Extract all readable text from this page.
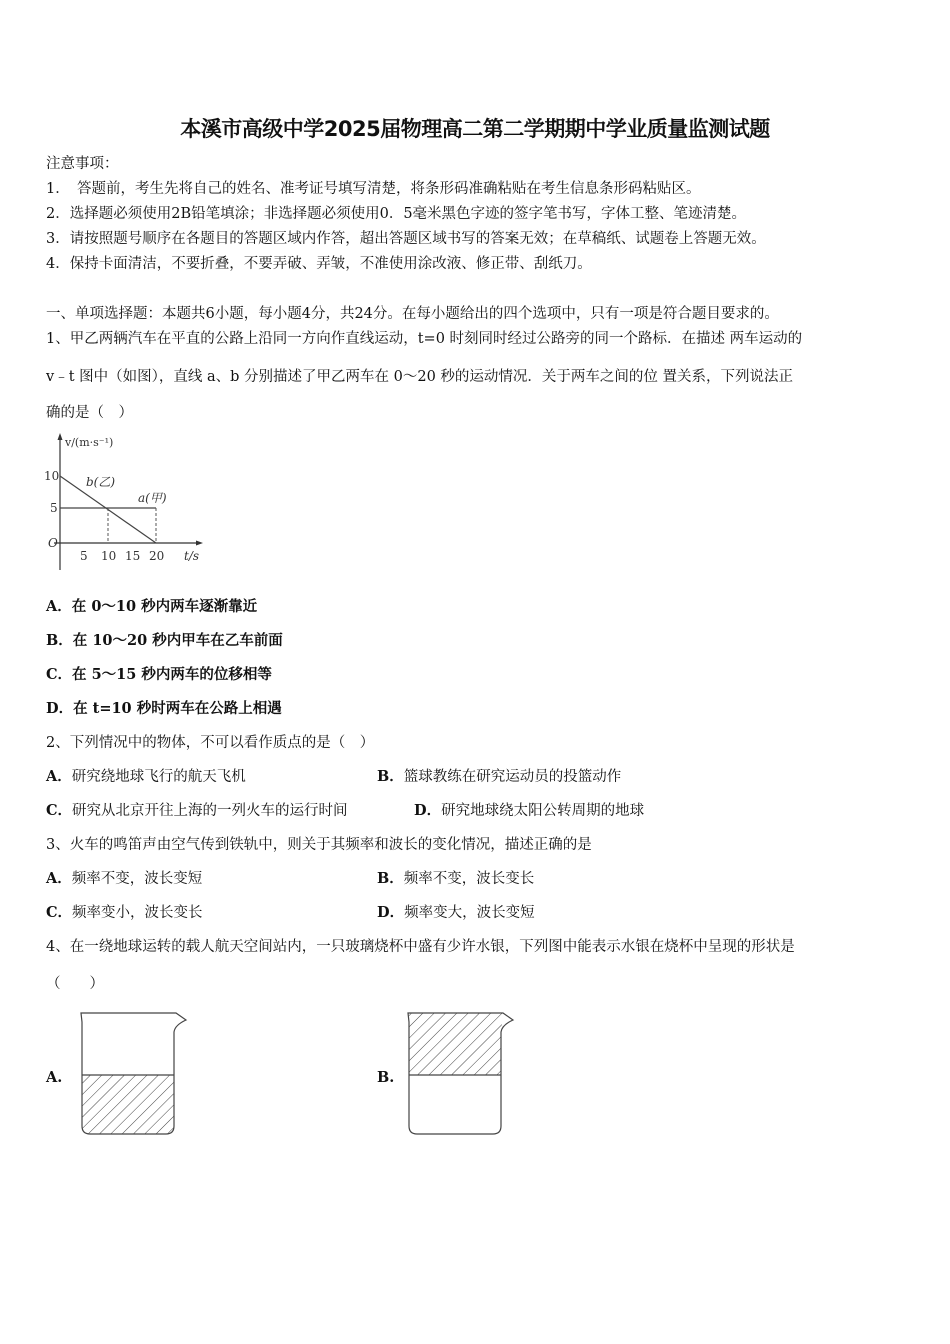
本溪市高级中学2025届物理高二第二学期期中学业质量监测试题
注意事项：
1．　答题前，考生先将自己的姓名、准考证号填写清楚，将条形码准确粘贴在考生信息条形码粘贴区。
2．选择题必须使用2B铅笔填涂；非选择题必须使用0．5毫米黑色字迹的签字笔书写，字体工整、笔迹清楚。
3．请按照题号顺序在各题目的答题区域内作答，超出答题区域书写的答案无效；在草稿纸、试题卷上答题无效。
4．保持卡面清洁，不要折叠，不要弄破、弄皱，不准使用涂改液、修正带、刮纸刀。
一、单项选择题：本题共6小题，每小题4分，共24分。在每小题给出的四个选项中，只有一项是符合题目要求的。
1、甲乙两辆汽车在平直的公路上沿同一方向作直线运动，t=0 时刻同时经过公路旁的同一个路标．在描述 两车运动的
v﹣t 图中（如图），直线 a、b 分别描述了甲乙两车在 0～20 秒的运动情况．关于两车之间的位 置关系，下列说法正
确的是（　）
v/(m·s⁻¹)
10
5
O
5 10 15 20 t/s
b(乙)
a(甲)
A．在 0～10 秒内两车逐渐靠近
B．在 10～20 秒内甲车在乙车前面
C．在 5～15 秒内两车的位移相等
D．在 t=10 秒时两车在公路上相遇
2、下列情况中的物体，不可以看作质点的是（　）
A．研究绕地球飞行的航天飞机	B．篮球教练在研究运动员的投篮动作
C．研究从北京开往上海的一列火车的运行时间	D．研究地球绕太阳公转周期的地球
3、火车的鸣笛声由空气传到铁轨中，则关于其频率和波长的变化情况，描述正确的是
A．频率不变，波长变短	B．频率不变，波长变长
C．频率变小，波长变长	D．频率变大，波长变短
4、在一绕地球运转的载人航天空间站内，一只玻璃烧杯中盛有少许水银，下列图中能表示水银在烧杯中呈现的形状是
（　　）
A.	B.
